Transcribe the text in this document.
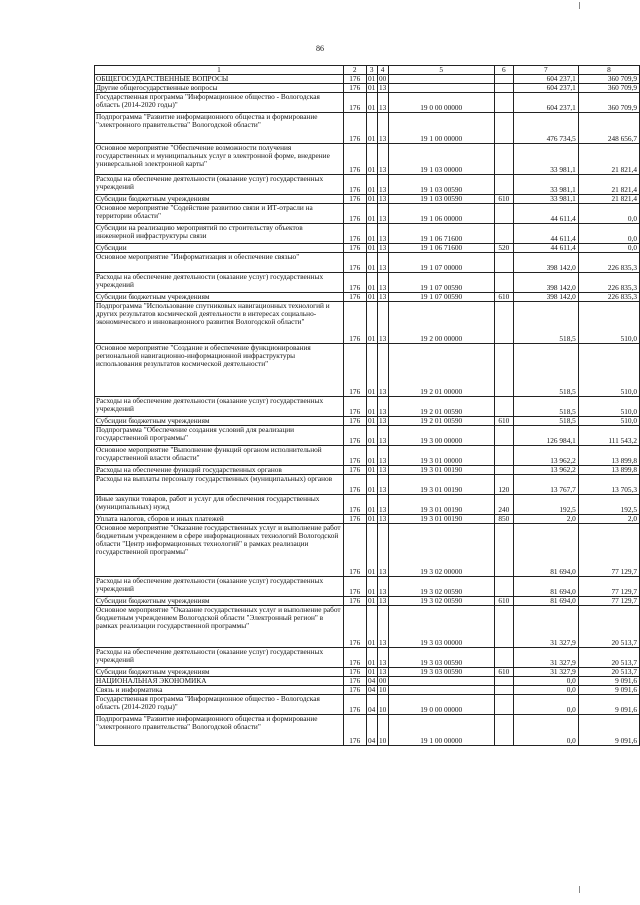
86
1	2	3	4	5	6	7	8
ОБЩЕГОСУДАРСТВЕННЫЕ ВОПРОСЫ	176	01	00			604 237,1	360 709,9
Другие общегосударственные вопросы	176	01	13			604 237,1	360 709,9
Государственная программа "Информационное общество - Вологодская область (2014-2020 годы)"	176	01	13	19 0 00 00000		604 237,1	360 709,9
Подпрограмма "Развитие информационного общества и формирование "электронного правительства" Вологодской области"	176	01	13	19 1 00 00000		476 734,5	248 656,7
Основное мероприятие "Обеспечение возможности получения государственных и муниципальных услуг в электронной форме, внедрение универсальной электронной карты"	176	01	13	19 1 03 00000		33 981,1	21 821,4
Расходы на обеспечение деятельности (оказание услуг) государственных учреждений	176	01	13	19 1 03 00590		33 981,1	21 821,4
Субсидии бюджетным учреждениям	176	01	13	19 1 03 00590	610	33 981,1	21 821,4
Основное мероприятие "Содействие развитию связи и ИТ-отрасли на территории области"	176	01	13	19 1 06 00000		44 611,4	0,0
Субсидии на реализацию мероприятий по строительству объектов инженерной инфраструктуры связи	176	01	13	19 1 06 71600		44 611,4	0,0
Субсидии	176	01	13	19 1 06 71600	520	44 611,4	0,0
Основное мероприятие "Информатизация и обеспечение связью"	176	01	13	19 1 07 00000		398 142,0	226 835,3
Расходы на обеспечение деятельности (оказание услуг) государственных учреждений	176	01	13	19 1 07 00590		398 142,0	226 835,3
Субсидии бюджетным учреждениям	176	01	13	19 1 07 00590	610	398 142,0	226 835,3
Подпрограмма "Использование спутниковых навигационных технологий и других результатов космической деятельности в интересах социально-экономического и инновационного развития Вологодской области"	176	01	13	19 2 00 00000		518,5	510,0
Основное мероприятие "Создание и обеспечение функционирования региональной навигационно-информационной инфраструктуры использования результатов космической деятельности"	176	01	13	19 2 01 00000		518,5	510,0
Расходы на обеспечение деятельности (оказание услуг) государственных учреждений	176	01	13	19 2 01 00590		518,5	510,0
Субсидии бюджетным учреждениям	176	01	13	19 2 01 00590	610	518,5	510,0
Подпрограмма "Обеспечение создания условий для реализации государственной программы"	176	01	13	19 3 00 00000		126 984,1	111 543,2
Основное мероприятие "Выполнение функций органом исполнительной государственной власти области"	176	01	13	19 3 01 00000		13 962,2	13 899,8
Расходы на обеспечение функций государственных органов	176	01	13	19 3 01 00190		13 962,2	13 899,8
Расходы на выплаты персоналу государственных (муниципальных) органов	176	01	13	19 3 01 00190	120	13 767,7	13 705,3
Иные закупки товаров, работ и услуг для обеспечения государственных (муниципальных) нужд	176	01	13	19 3 01 00190	240	192,5	192,5
Уплата налогов, сборов и иных платежей	176	01	13	19 3 01 00190	850	2,0	2,0
Основное мероприятие "Оказание государственных услуг и выполнение работ бюджетным учреждением в сфере информационных технологий Вологодской области "Центр информационных технологий" в рамках реализации государственной программы"	176	01	13	19 3 02 00000		81 694,0	77 129,7
Расходы на обеспечение деятельности (оказание услуг) государственных учреждений	176	01	13	19 3 02 00590		81 694,0	77 129,7
Субсидии бюджетным учреждениям	176	01	13	19 3 02 00590	610	81 694,0	77 129,7
Основное мероприятие "Оказание государственных услуг и выполнение работ бюджетным учреждением Вологодской области "Электронный регион" в рамках реализации государственной программы"	176	01	13	19 3 03 00000		31 327,9	20 513,7
Расходы на обеспечение деятельности (оказание услуг) государственных учреждений	176	01	13	19 3 03 00590		31 327,9	20 513,7
Субсидии бюджетным учреждениям	176	01	13	19 3 03 00590	610	31 327,9	20 513,7
НАЦИОНАЛЬНАЯ ЭКОНОМИКА	176	04	00			0,0	9 091,6
Связь и информатика	176	04	10			0,0	9 091,6
Государственная программа "Информационное общество - Вологодская область (2014-2020 годы)"	176	04	10	19 0 00 00000		0,0	9 091,6
Подпрограмма "Развитие информационного общества и формирование "электронного правительства" Вологодской области"	176	04	10	19 1 00 00000		0,0	9 091,6
